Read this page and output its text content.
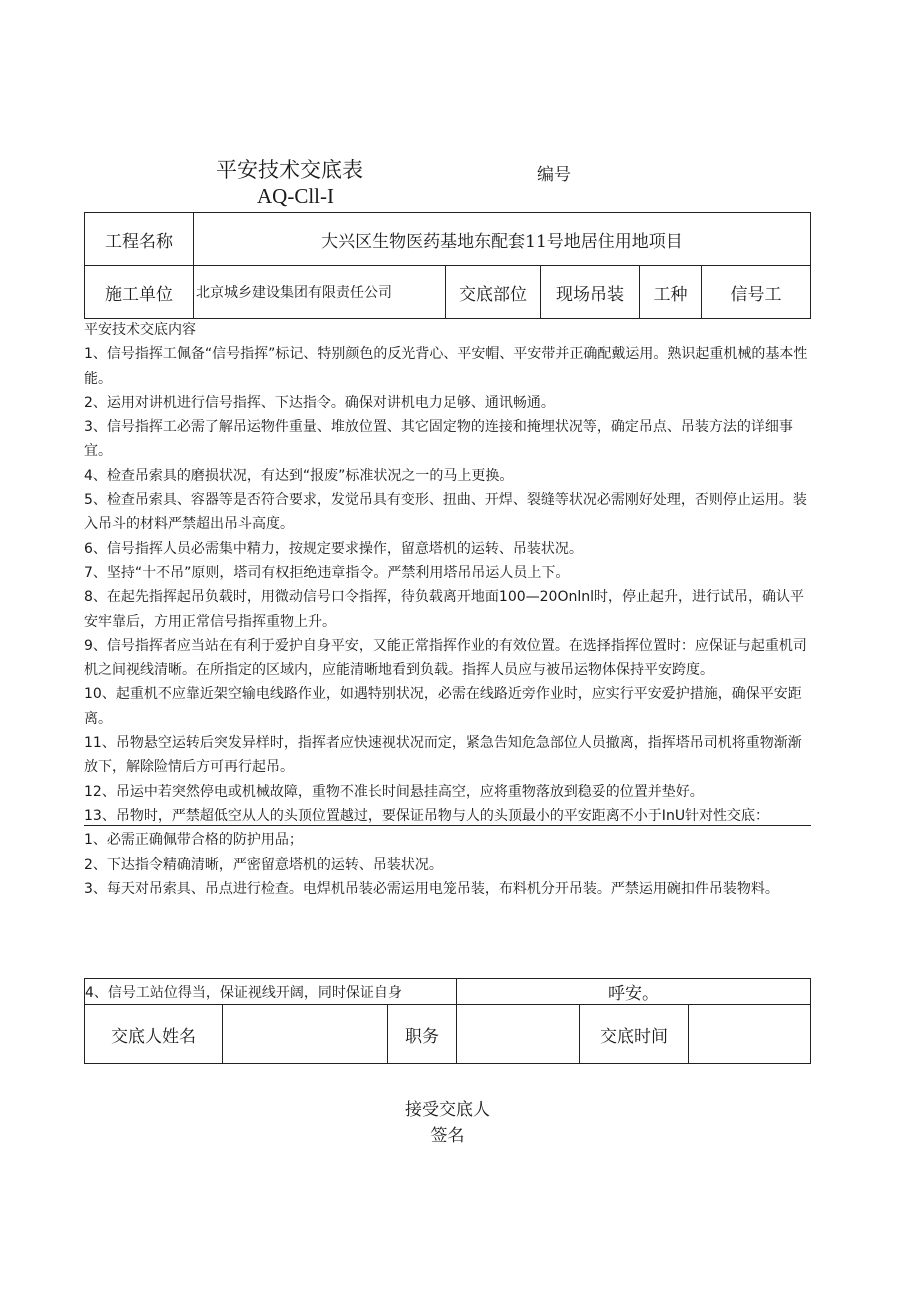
平安技术交底表
AQ-Cll-I
编号
工程名称	大兴区生物医药基地东配套11号地居住用地项目				
施工单位	北京城乡建设集团有限责任公司	交底部位	现场吊装	工种	信号工

平安技术交底内容

1、信号指挥工佩备“信号指挥”标记、特别颜色的反光背心、平安帽、平安带并正确配戴运用。熟识起重机械的基本性能。

2、运用对讲机进行信号指挥、下达指令。确保对讲机电力足够、通讯畅通。

3、信号指挥工必需了解吊运物件重量、堆放位置、其它固定物的连接和掩埋状况等，确定吊点、吊装方法的详细事宜。

4、检查吊索具的磨损状况，有达到“报废”标准状况之一的马上更换。

5、检查吊索具、容器等是否符合要求，发觉吊具有变形、扭曲、开焊、裂缝等状况必需刚好处理，否则停止运用。装入吊斗的材料严禁超出吊斗高度。

6、信号指挥人员必需集中精力，按规定要求操作，留意塔机的运转、吊装状况。

7、坚持“十不吊”原则，塔司有权拒绝违章指令。严禁利用塔吊吊运人员上下。

8、在起先指挥起吊负载时，用微动信号口令指挥，待负载离开地面100—20Onlnl时，停止起升，进行试吊，确认平安牢靠后，方用正常信号指挥重物上升。

9、信号指挥者应当站在有利于爱护自身平安，又能正常指挥作业的有效位置。在选择指挥位置时：应保证与起重机司机之间视线清晰。在所指定的区域内，应能清晰地看到负载。指挥人员应与被吊运物体保持平安跨度。

10、起重机不应靠近架空输电线路作业，如遇特别状况，必需在线路近旁作业时，应实行平安爱护措施，确保平安距离。

11、吊物悬空运转后突发异样时，指挥者应快速视状况而定，紧急告知危急部位人员撤离，指挥塔吊司机将重物渐渐放下，解除险情后方可再行起吊。

12、吊运中若突然停电或机械故障，重物不准长时间悬挂高空，应将重物落放到稳妥的位置并垫好。

13、吊物时，严禁超低空从人的头顶位置越过，要保证吊物与人的头顶最小的平安距离不小于InU针对性交底：

1、必需正确佩带合格的防护用品；

2、下达指令精确清晰，严密留意塔机的运转、吊装状况。

3、每天对吊索具、吊点进行检查。电焊机吊装必需运用电笼吊装，布料机分开吊装。严禁运用碗扣件吊装物料。

4、信号工站位得当，保证视线开阔，同时保证自身			呼安。		
交底人姓名		职务		交底时间	
接受交底人签名
